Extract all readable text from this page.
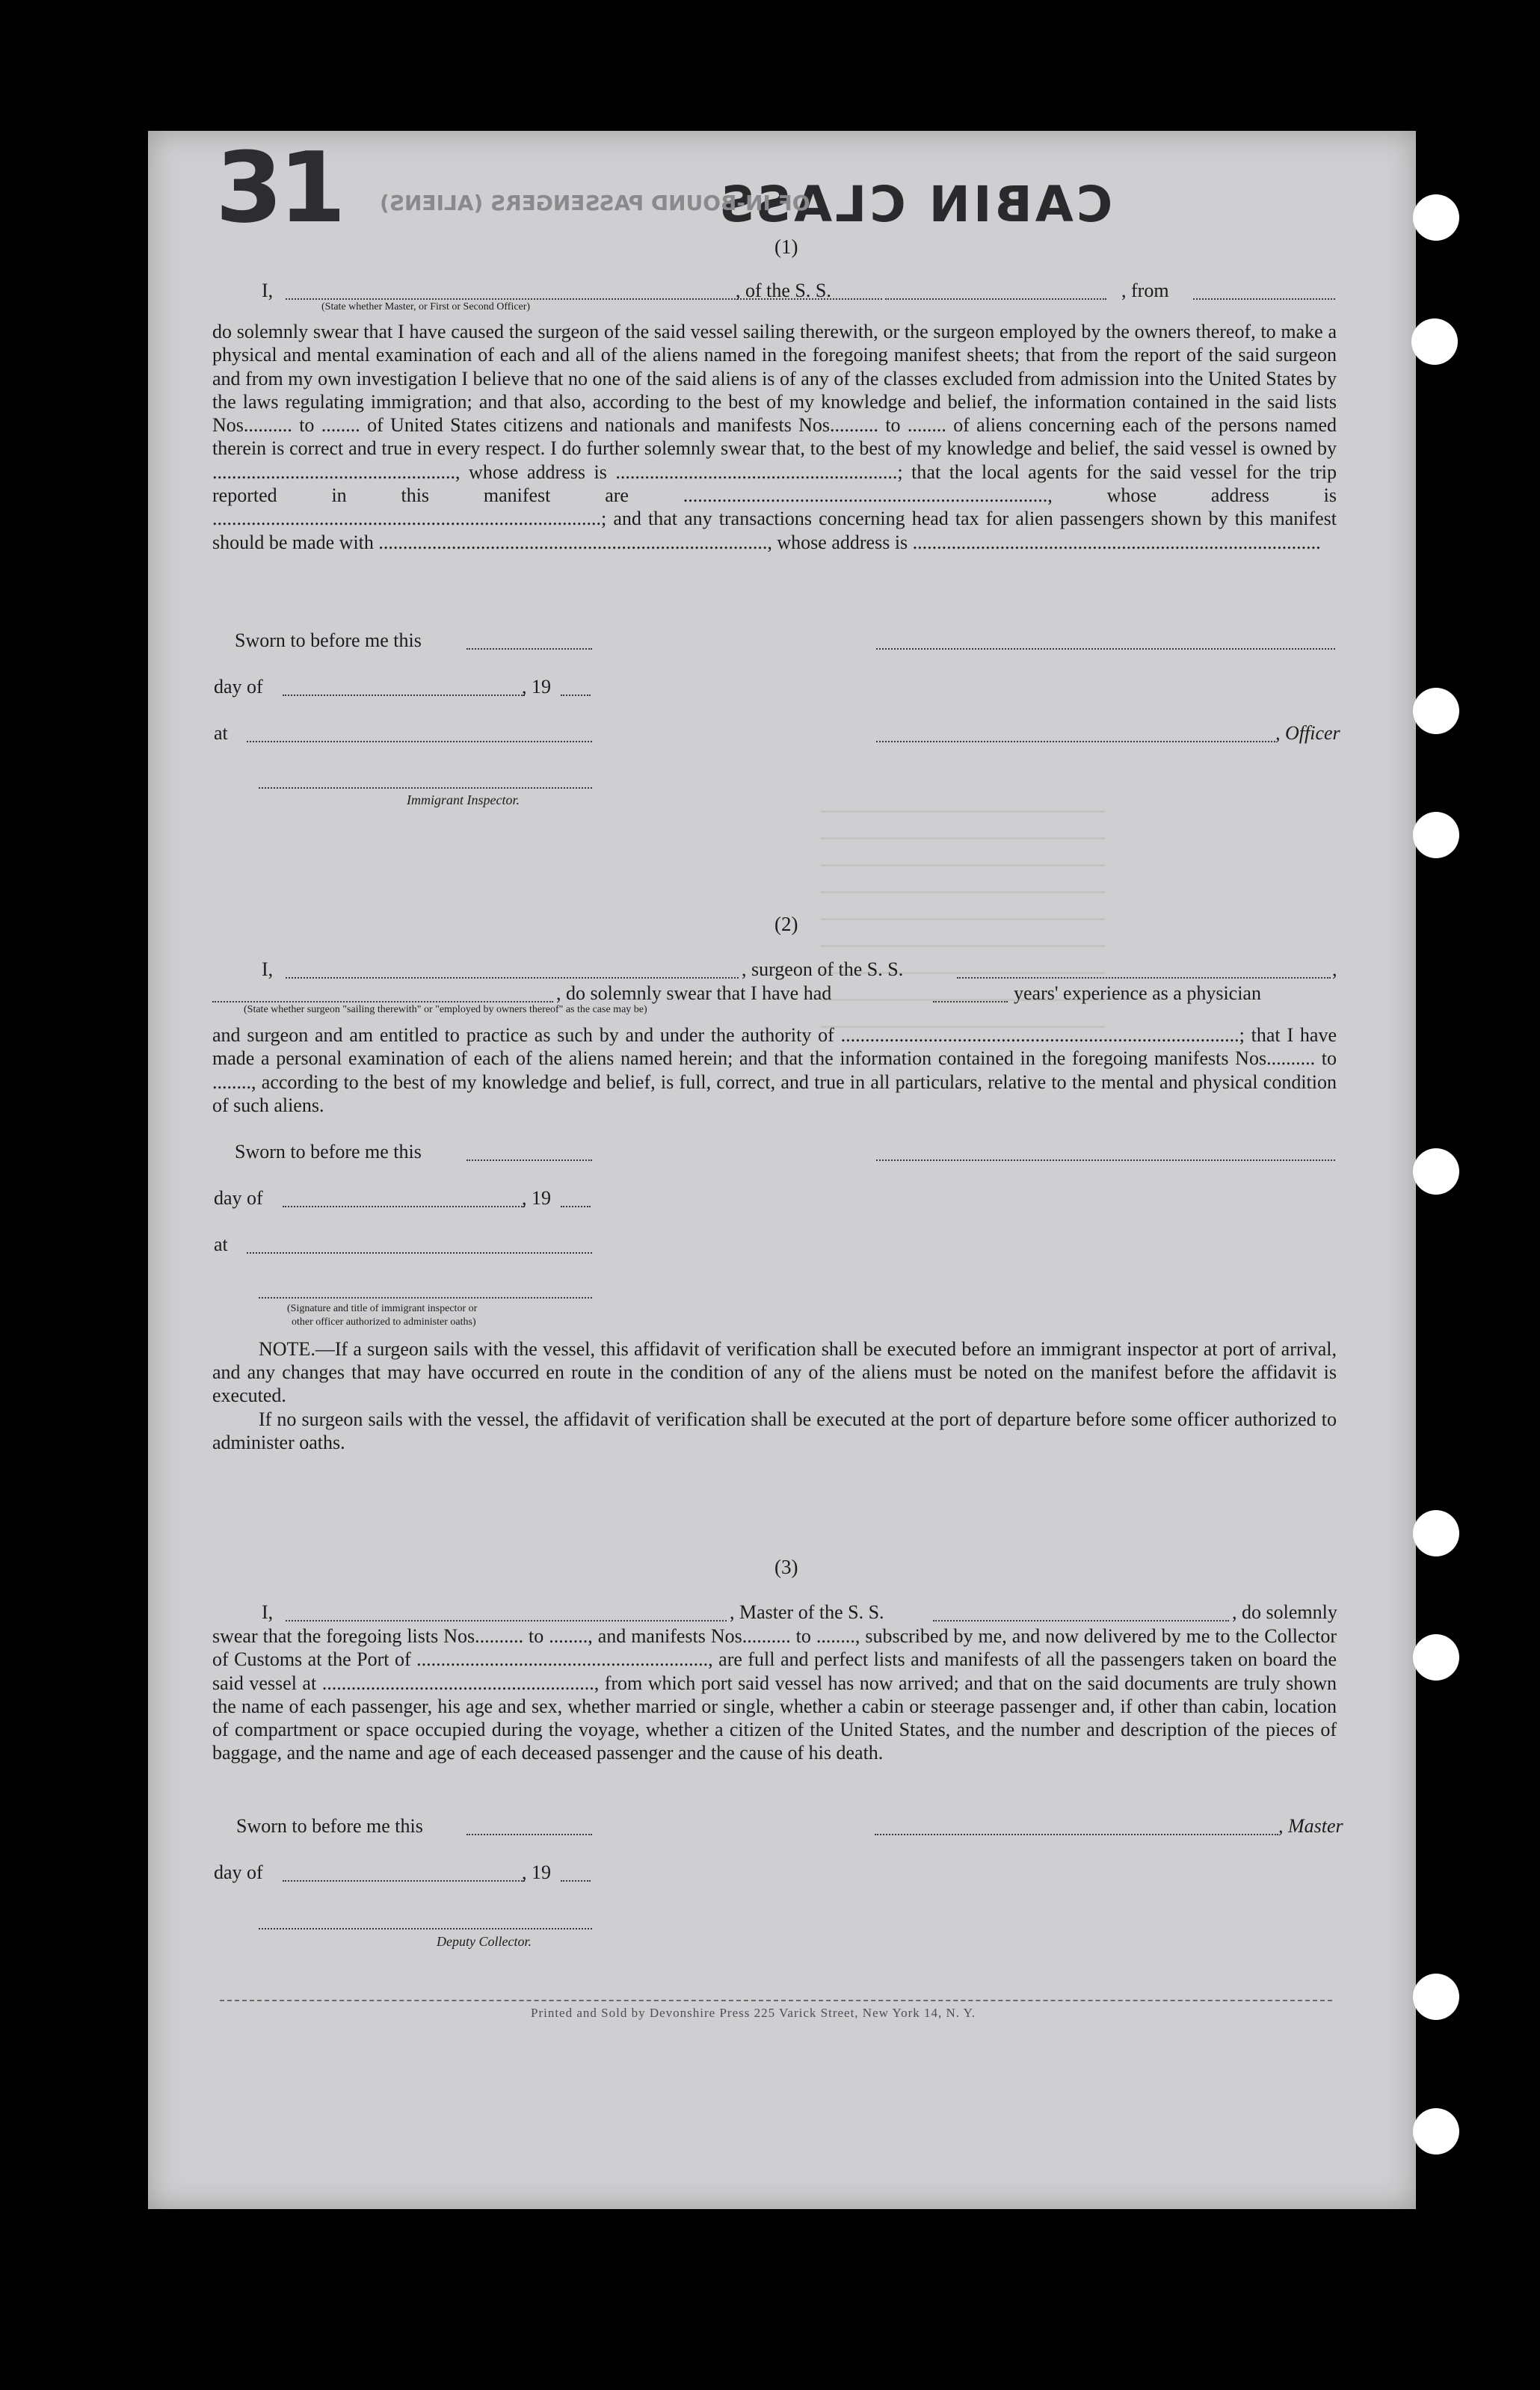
31	CABIN CLASS
OF IN-BOUND PASSENGERS (ALIENS)
(1)
I,	, of the S. S.	, from
(State whether Master, or First or Second Officer)
do solemnly swear that I have caused the surgeon of the said vessel sailing therewith, or the surgeon employed by the owners thereof, to make a physical and mental examination of each and all of the aliens named in the foregoing manifest sheets; that from the report of the said surgeon and from my own investigation I believe that no one of the said aliens is of any of the classes excluded from admission into the United States by the laws regulating immigration; and that also, according to the best of my knowledge and belief, the information contained in the said lists Nos.......... to ........ of United States citizens and nationals and manifests Nos.......... to ........ of aliens concerning each of the persons named therein is correct and true in every respect. I do further solemnly swear that, to the best of my knowledge and belief, the said vessel is owned by .................................................., whose address is ..........................................................; that the local agents for the said vessel for the trip reported in this manifest are ..........................................................................., whose address is ................................................................................; and that any transactions concerning head tax for alien passengers shown by this manifest should be made with ................................................................................, whose address is ....................................................................................
Sworn to before me this
day of	, 19
at	, Officer
Immigrant Inspector.
(2)
I,	, surgeon of the S. S.	,
, do solemnly swear that I have had	years' experience as a physician
(State whether surgeon "sailing therewith" or "employed by owners thereof" as the case may be)
and surgeon and am entitled to practice as such by and under the authority of ..................................................................................; that I have made a personal examination of each of the aliens named herein; and that the information contained in the foregoing manifests Nos.......... to ........, according to the best of my knowledge and belief, is full, correct, and true in all particulars, relative to the mental and physical condition of such aliens.
Sworn to before me this
day of	, 19
at
(Signature and title of immigrant inspector or
other officer authorized to administer oaths)
NOTE.—If a surgeon sails with the vessel, this affidavit of verification shall be executed before an immigrant inspector at port of arrival, and any changes that may have occurred en route in the condition of any of the aliens must be noted on the manifest before the affidavit is executed.
If no surgeon sails with the vessel, the affidavit of verification shall be executed at the port of departure before some officer authorized to administer oaths.
(3)
I,	, Master of the S. S.	, do solemnly
swear that the foregoing lists Nos.......... to ........, and manifests Nos.......... to ........, subscribed by me, and now delivered by me to the Collector of Customs at the Port of ............................................................, are full and perfect lists and manifests of all the passengers taken on board the said vessel at ........................................................, from which port said vessel has now arrived; and that on the said documents are truly shown the name of each passenger, his age and sex, whether married or single, whether a cabin or steerage passenger and, if other than cabin, location of compartment or space occupied during the voyage, whether a citizen of the United States, and the number and description of the pieces of baggage, and the name and age of each deceased passenger and the cause of his death.
Sworn to before me this	, Master
day of	, 19
Deputy Collector.
Printed and Sold by Devonshire Press 225 Varick Street, New York 14, N. Y.
